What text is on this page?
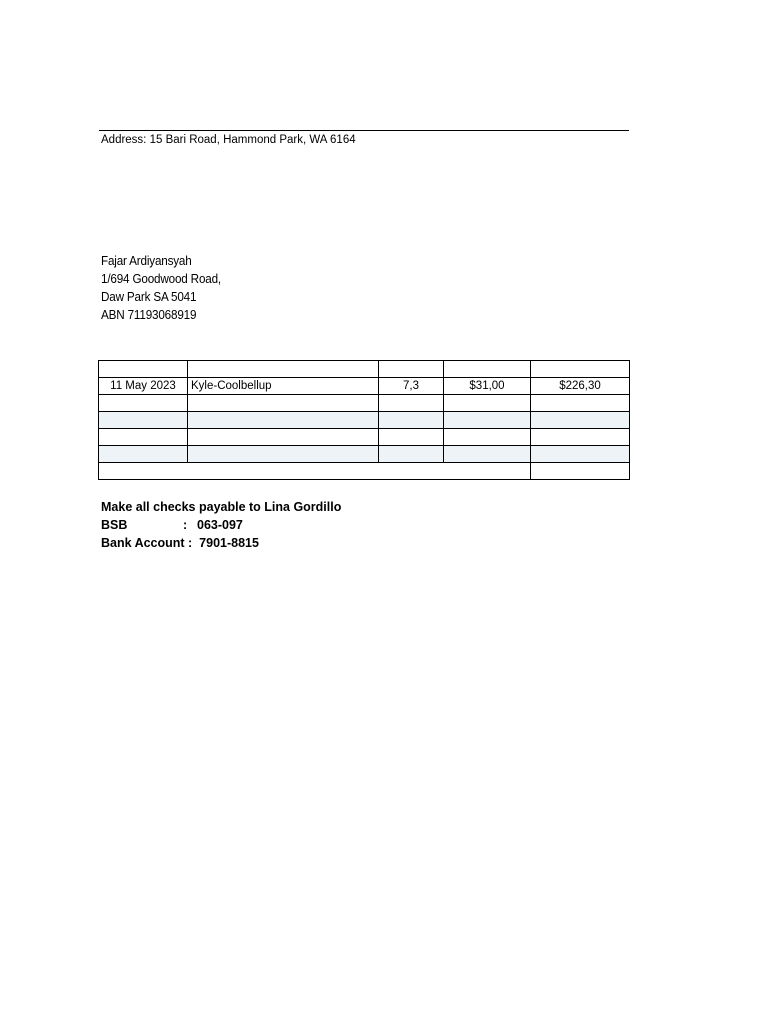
Address: 15 Bari Road, Hammond Park, WA 6164
Fajar Ardiyansyah
1/694 Goodwood Road,
Daw Park SA 5041
ABN 71193068919

11 May 2023	Kyle-Coolbellup	7,3	$31,00	$226,30

Make all checks payable to Lina Gordillo
BSB	: 063-097
Bank Account : 7901-8815
